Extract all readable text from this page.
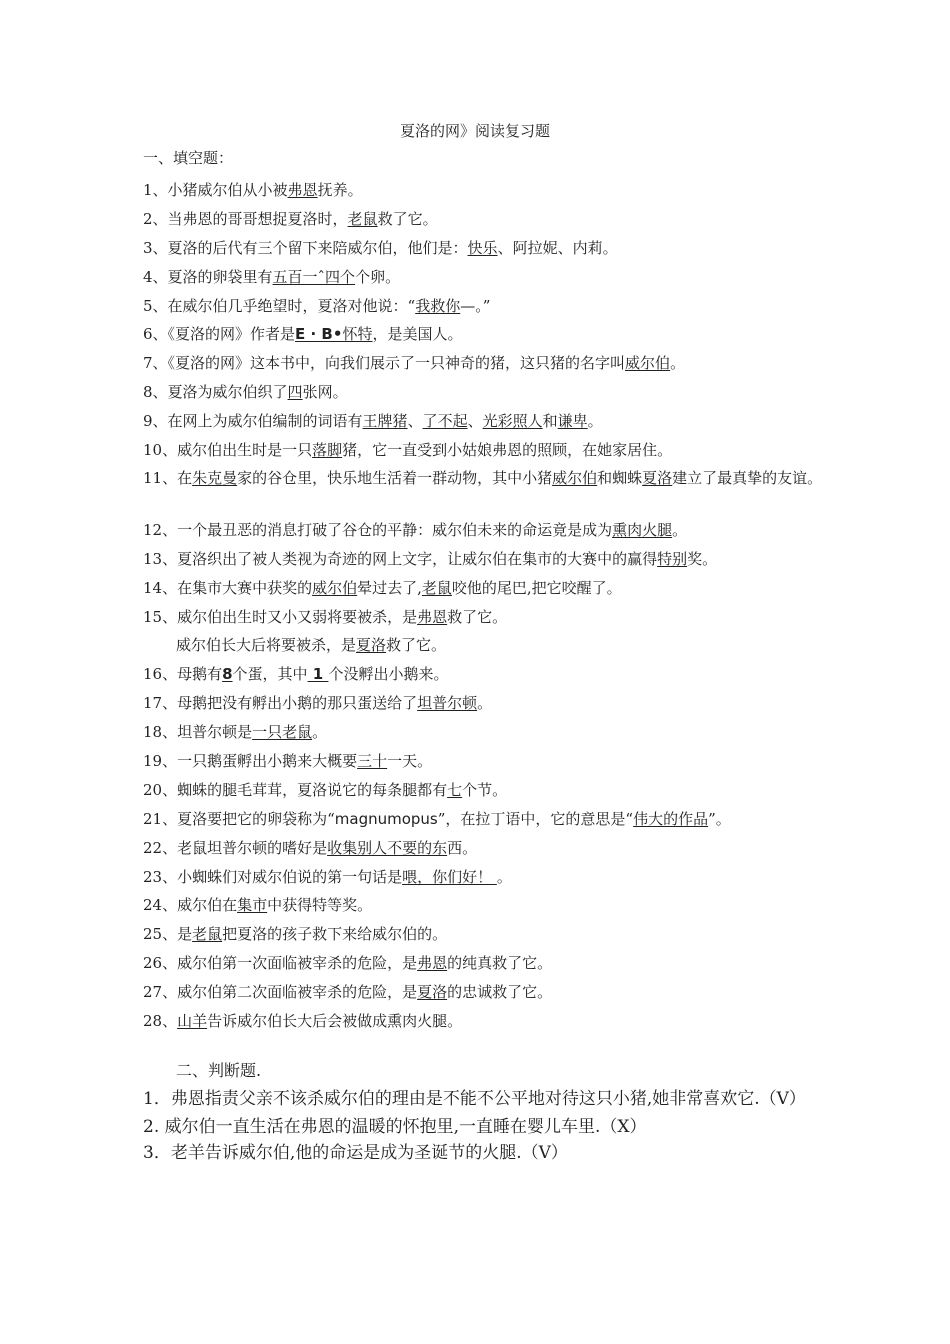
夏洛的网》阅读复习题
一、填空题：
1、小猪威尔伯从小被弗恩抚养。
2、当弗恩的哥哥想捉夏洛时，老鼠救了它。
3、夏洛的后代有三个留下来陪威尔伯，他们是：快乐、阿拉妮、内莉。
4、夏洛的卵袋里有五百一ˆ四个个卵。
5、在威尔伯几乎绝望时，夏洛对他说：“我救你—。”
6、《夏洛的网》作者是E · B•怀特，是美国人。
7、《夏洛的网》这本书中，向我们展示了一只神奇的猪，这只猪的名字叫威尔伯。
8、夏洛为威尔伯织了四张网。
9、在网上为威尔伯编制的词语有王牌猪、了不起、光彩照人和谦卑。
10、威尔伯出生时是一只落脚猪，它一直受到小姑娘弗恩的照顾，在她家居住。
11、在朱克曼家的谷仓里，快乐地生活着一群动物，其中小猪威尔伯和蜘蛛夏洛建立了最真挚的友谊。
12、一个最丑恶的消息打破了谷仓的平静：威尔伯未来的命运竟是成为熏肉火腿。
13、夏洛织出了被人类视为奇迹的网上文字，让威尔伯在集市的大赛中的赢得特别奖。
14、在集市大赛中获奖的威尔伯晕过去了,老鼠咬他的尾巴,把它咬醒了。
15、威尔伯出生时又小又弱将要被杀，是弗恩救了它。
威尔伯长大后将要被杀，是夏洛救了它。
16、母鹅有8个蛋，其中 1 个没孵出小鹅来。
17、母鹅把没有孵出小鹅的那只蛋送给了坦普尔顿。
18、坦普尔顿是一只老鼠。
19、一只鹅蛋孵出小鹅来大概要三十一天。
20、蜘蛛的腿毛茸茸，夏洛说它的每条腿都有七个节。
21、夏洛要把它的卵袋称为“magnumopus”，在拉丁语中，它的意思是“伟大的作品”。
22、老鼠坦普尔顿的嗜好是收集别人不要的东西。
23、小蜘蛛们对威尔伯说的第一句话是喂，你们好！ 。
24、威尔伯在集市中获得特等奖。
25、是老鼠把夏洛的孩子救下来给威尔伯的。
26、威尔伯第一次面临被宰杀的危险，是弗恩的纯真救了它。
27、威尔伯第二次面临被宰杀的危险，是夏洛的忠诚救了它。
28、山羊告诉威尔伯长大后会被做成熏肉火腿。
二、判断题.
1．弗恩指责父亲不该杀威尔伯的理由是不能不公平地对待这只小猪,她非常喜欢它.（V）
2. 威尔伯一直生活在弗恩的温暖的怀抱里,一直睡在婴儿车里.（X）
3．老羊告诉威尔伯,他的命运是成为圣诞节的火腿.（V）
